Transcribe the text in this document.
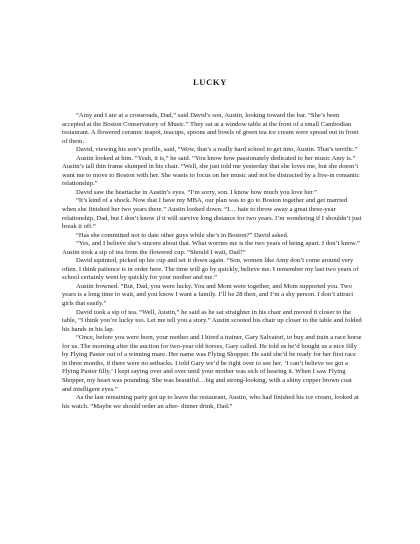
LUCKY

“Amy and I are at a crossroads, Dad,” said David’s son, Austin, looking toward the bar. “She’s been accepted at the Boston Conservatory of Music.” They sat at a window table at the front of a small Cambodian restaurant. A flowered ceramic teapot, teacups, spoons and bowls of green tea ice cream were spread out in front of them.

David, viewing his son’s profile, said, “Wow, that’s a really hard school to get into, Austin. That’s terrific.”

Austin looked at him. “Yeah, it is,” he said. “You know how passionately dedicated to her music Amy is.” Austin’s tall thin frame slumped in his chair. “Well, she just told me yesterday that she loves me, but she doesn’t want me to move to Boston with her. She wants to focus on her music and not be distracted by a live-in romantic relationship.”

David saw the heartache in Austin’s eyes. “I’m sorry, son. I know how much you love her.”

“It’s kind of a shock. Now that I have my MBA, our plan was to go to Boston together and get married when she finished her two years there.” Austin looked down. “I… hate to throw away a great three-year relationship, Dad, but I don’t know if it will survive long distance for two years. I’m wondering if I shouldn’t just break it off.”

“Has she committed not to date other guys while she’s in Boston?” David asked.

“Yes, and I believe she’s sincere about that. What worries me is the two years of being apart. I don’t know.” Austin took a sip of tea from the flowered cup. “Should I wait, Dad?”

David squinted, picked up his cup and set it down again. “Son, women like Amy don’t come around very often. I think patience is in order here. The time will go by quickly, believe me. I remember my last two years of school certainly went by quickly for your mother and me.”

Austin frowned. “But, Dad, you were lucky. You and Mom were together, and Mom supported you. Two years is a long time to wait, and you know I want a family. I’ll be 28 then, and I’m a shy person. I don’t attract girls that easily.”

David took a sip of tea. “Well, Austin,” he said as he sat straighter in his chair and moved it closer to the table, “I think you’re lucky too. Let me tell you a story.” Austin scooted his chair up closer to the table and folded his hands in his lap.

“Once, before you were born, your mother and I hired a trainer, Gary Salvatori, to buy and train a race horse for us. The morning after the auction for two-year old horses, Gary called. He told us he’d bought us a nice filly by Flying Paster out of a winning mare. Her name was Flying Shopper. He said she’d be ready for her first race in three months, if there were no setbacks. I told Gary we’d be right over to see her. ‘I can’t believe we got a Flying Paster filly,’ I kept saying over and over until your mother was sick of hearing it. When I saw Flying Shopper, my heart was pounding. She was beautiful…big and strong-looking, with a shiny copper brown coat and intelligent eyes.”

As the last remaining party got up to leave the restaurant, Austin, who had finished his ice cream, looked at his watch. “Maybe we should order an after- dinner drink, Dad.”
